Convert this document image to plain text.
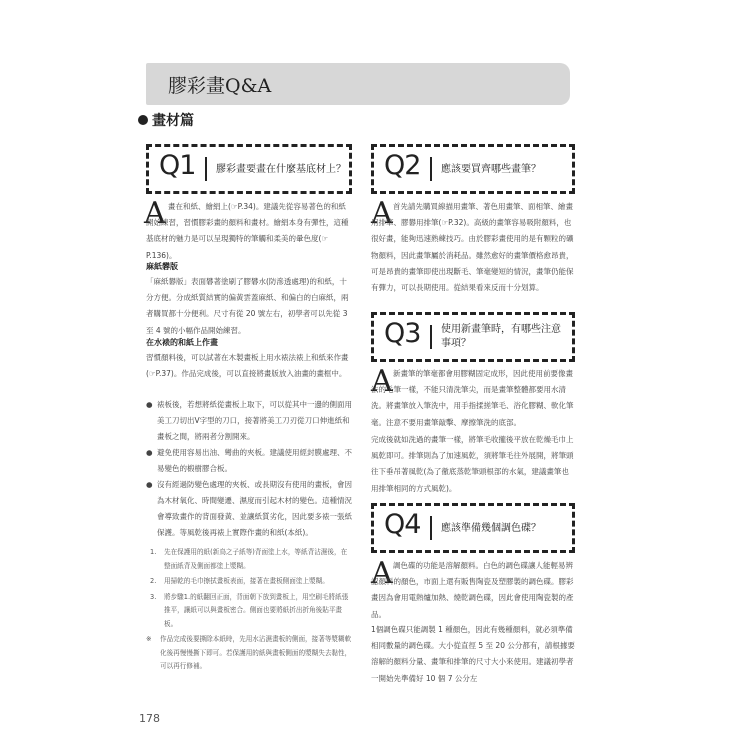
膠彩畫Q&A
畫材篇
Q1 膠彩畫要畫在什麼基底材上？
A 畫在和紙、繪絹上(☞P.34)。建議先從容易著色的和紙開始練習，習慣膠彩畫的顏料和畫材。繪絹本身有彈性，這種基底材的魅力是可以呈現獨特的筆觸和柔美的暈色度(☞P.136)。

麻紙礬版

「麻紙礬版」表面礬著塗刷了膠礬水(防滲透處理)的和紙，十分方便。分成紙質結實的偏黃雲蓋麻紙、和偏白的白麻紙，兩者購買都十分便利。尺寸有從 20 號左右，初學者可以先從 3 至 4 號的小幅作品開始練習。

在水裱的和紙上作畫

習慣顏料後，可以試著在木製畫板上用水裱法裱上和紙來作畫(☞P.37)。作品完成後，可以直接將畫版放入油畫的畫框中。

● 裱板後，若想將紙從畫板上取下，可以從其中一邊的側面用美工刀切出V字型的刀口，接著將美工刀刃從刀口伸進紙和畫板之間，將兩者分割開來。
● 避免使用容易出油、彎曲的夾板。建議使用經封膜處理、不易變色的椴樹膠合板。
● 沒有經過防變色處理的夾板、或長期沒有使用的畫板，會因為木材氧化、時間變遷、濕度而引起木材的變色。這種情況會導致畫作的背面發黃、並讓紙質劣化，因此要多裱一張紙保護。等風乾後再裱上實際作畫的和紙(本紙)。
1. 先在保護用的紙(新鳥之子紙等)背面塗上水，等紙背沾濕後，在整面紙背及側面都塗上漿糊。
2. 用掃乾的毛巾擦拭畫板表面，接著在畫板側面塗上漿糊。
3. 將步驟1.的紙翻回正面，背面朝下放到畫板上，用空刷毛將紙張推平，讓紙可以與畫板密合。側面也要將紙折出折角後貼平畫板。
※ 作品完成後要撕除本紙時，先用水沾濕畫板的側面，接著等漿糊軟化後再慢慢撕下即可。若保護用的紙與畫板側面的漿糊失去黏性，可以再行修補。
Q2 應該要買齊哪些畫筆？
A 首先請先購買線描用畫筆、著色用畫筆、面相筆、繪畫用排筆、膠礬用排筆(☞P.32)。高級的畫筆容易吸附顏料，也很好畫，能夠迅速熟練技巧。由於膠彩畫使用的是有顆粒的礦物顏料，因此畫筆屬於消耗品。雖然愈好的畫筆價格愈昂貴，可是昂貴的畫筆即使出現斷毛、筆毫變短的情況，畫筆仍能保有彈力，可以長期使用。從結果看來反而十分划算。

Q3 使用新畫筆時，有哪些注意事項？
A 新畫筆的筆毫都會用膠糊固定成形，因此使用前要像畫法的毛筆一樣，不能只清洗筆尖，而是畫筆整體都要用水清洗。將畫筆放入筆洗中，用手指揉搓筆毛、浴化膠糊、軟化筆毫。注意不要用畫筆敲擊、摩擦筆洗的底部。

完成後就如洗過的畫筆一樣，將筆毛收攏後平放在乾燥毛巾上風乾即可。排筆則為了加速風乾，須將筆毛往外展開，將筆頭往下垂吊著風乾(為了徹底蒸乾筆頭根部的水氣，建議畫筆也用排筆相同的方式風乾)。

Q4 應該準備幾個調色碟？
A 調色碟的功能是溶解顏料。白色的調色碟讓人能輕易辨認顏料的顏色，市面上還有販售陶瓷及塑膠製的調色碟。膠彩畫因為會用電熱爐加熱、燒乾調色碟，因此會使用陶瓷製的產品。

1個調色碟只能調製 1 種顏色，因此有幾種顏料，就必須準備相同數量的調色碟。大小從直徑 5 至 20 公分都有，請根據要溶解的顏料分量、畫筆和排筆的尺寸大小來使用。建議初學者一開始先準備好 10 個 7 公分左

178
